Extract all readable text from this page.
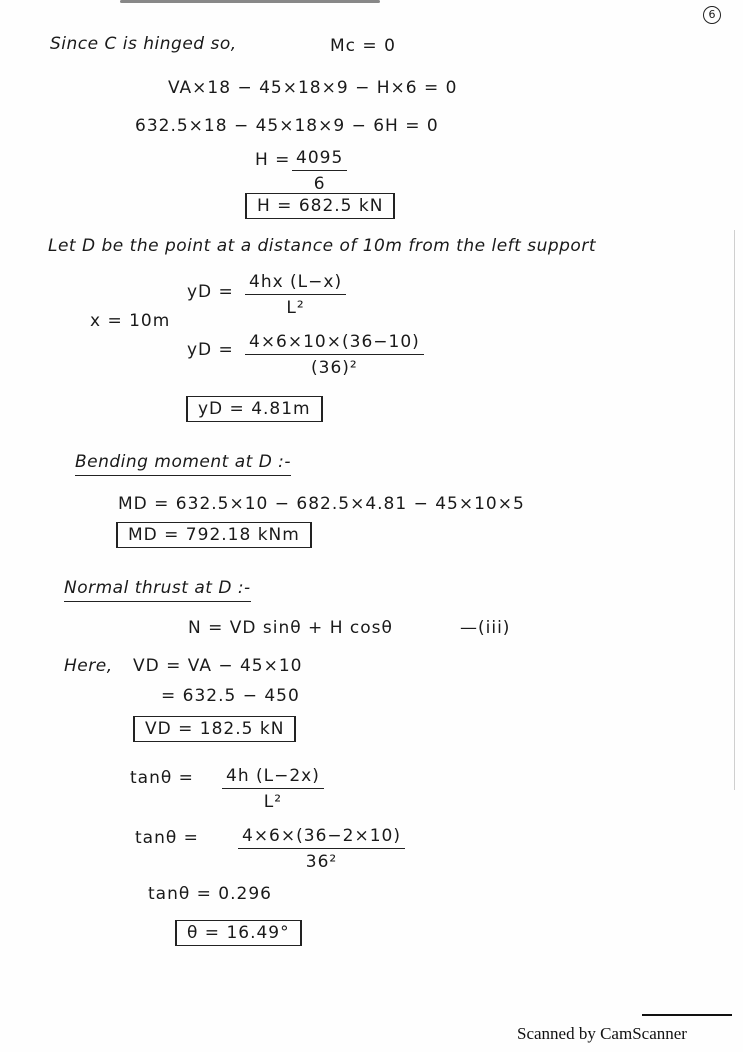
6
Since C is hinged so,	Mc = 0
VA×18 − 45×18×9 − H×6 = 0
632.5×18 − 45×18×9 − 6H = 0
$H = \frac{4095}{6}$
H = 682.5 kN
Let D be the point at a distance of 10m from the left support
yD = $\frac{4hx (L-x)}{\text{L²}}$
x = 10m
yD = $\frac{4\times 6\times 10\times(36-10)}{\text{(36)²}}$
yD = 4.81m
Bending moment at D :-
MD = 632.5×10 − 682.5×4.81 − 45×10×5
MD = 792.18 kNm
Normal thrust at D :-
N = VD sinθ + H cosθ	—(iii)
Here, VD = VA − 45×10
= 632.5 − 450
VD = 182.5 kN
$\tan\theta = \frac{4h (L-2x)}{\text{L²}}$
$\tan\theta = \frac{4\times 6\times(36-2\times 10)}{\text{36²}}$
tanθ = 0.296
θ = 16.49°
Scanned by CamScanner
